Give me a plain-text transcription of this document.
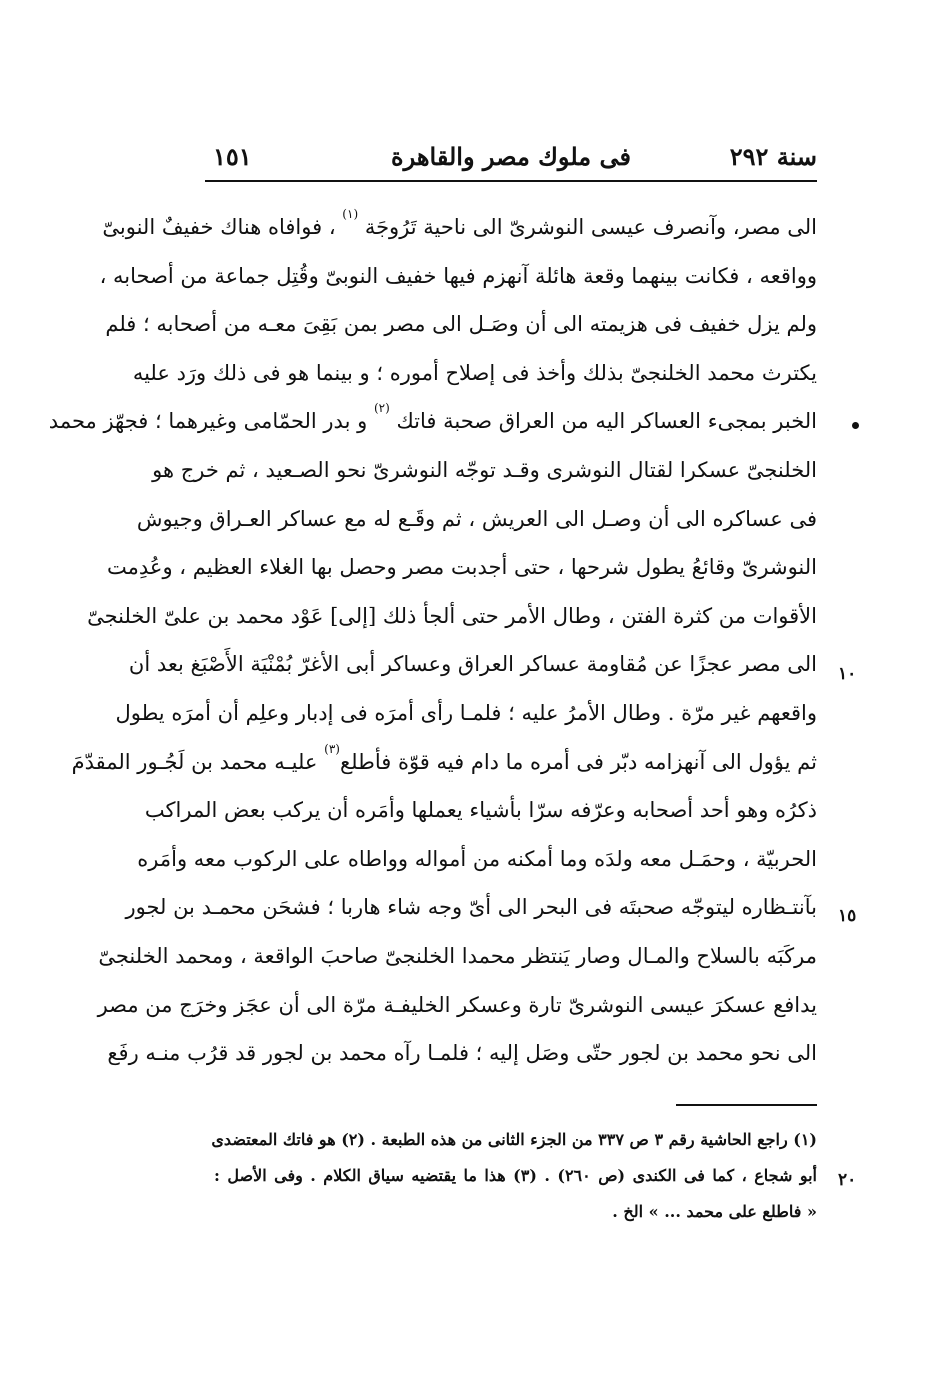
سنة ٢٩٢
فى ملوك مصر والقاهرة
١٥١
الى مصر، وآنصرف عيسى النوشرىّ الى ناحية تَرُوجَة $^{(١)}$ ، فوافاه هناك خفيفٌ النوبىّ
وواقعه ، فكانت بينهما وقعة هائلة آنهزم فيها خفيف النوبىّ وقُتِل جماعة من أصحابه ،
ولم يزل خفيف فى هزيمته الى أن وصَـل الى مصر بمن بَقِىَ معـه من أصحابه ؛ فلم
يكترث محمد الخلنجىّ بذلك وأخذ فى إصلاح أموره ؛ و بينما هو فى ذلك ورَد عليه
الخبر بمجىء العساكر اليه من العراق صحبة فاتك $^{(٢)}$ و بدر الحمّامى وغيرهما ؛ فجهّز محمد
الخلنجىّ عسكرا لقتال النوشرى وقـد توجّه النوشرىّ نحو الصـعيد ، ثم خرج هو
فى عساكره الى أن وصـل الى العريش ، ثم وقَـع له مع عساكر العـراق وجيوش
النوشرىّ وقائعُ يطول شرحها ، حتى أجدبت مصر وحصل بها الغلاء العظيم ، وعُدِمت
الأقوات من كثرة الفتن ، وطال الأمر حتى ألجأ ذلك [إلى] عَوْد محمد بن علىّ الخلنجىّ
الى مصر عجزًا عن مُقاومة عساكر العراق وعساكر أبى الأغرّ بُمْنْيَة الأَصْبَغ بعد أن
واقعهم غير مرّة . وطال الأمرُ عليه ؛ فلمـا رأى أمرَه فى إدبار وعلِم أن أمرَه يطول
ثم يؤول الى آنهزامه دبّر فى أمره ما دام فيه قوّة فأطلع$^{(٣)}$ عليـه محمد بن لَجُـور المقدّمَ
ذكرُه وهو أحد أصحابه وعرّفه سرّا بأشياء يعملها وأمَره أن يركب بعض المراكب
الحربيّة ، وحمَـل معه ولدَه وما أمكنه من أمواله وواطاه على الركوب معه وأمَره
بآنتـظاره ليتوجّه صحبتَه فى البحر الى أىّ وجه شاء هاربا ؛ فشحَن محمـد بن لجور
مركَبَه بالسلاح والمـال وصار يَنتظر محمدا الخلنجىّ صاحبَ الواقعة ، ومحمد الخلنجىّ
يدافع عسكرَ عيسى النوشرىّ تارة وعسكر الخليفـة مرّة الى أن عجَز وخرَج من مصر
الى نحو محمد بن لجور حتّى وصَل إليه ؛ فلمـا رآه محمد بن لجور قد قرُب منـه رفَع
١٠
١٥
٢٠
(١) راجع الحاشية رقم ٣ ص ٣٣٧ من الجزء الثانى من هذه الطبعة . (٢) هو فاتك المعتضدى
أبو شجاع ، كما فى الكندى (ص ٢٦٠) . (٣) هذا ما يقتضيه سياق الكلام . وفى الأصل :
« فاطلع على محمد ... » الخ .
